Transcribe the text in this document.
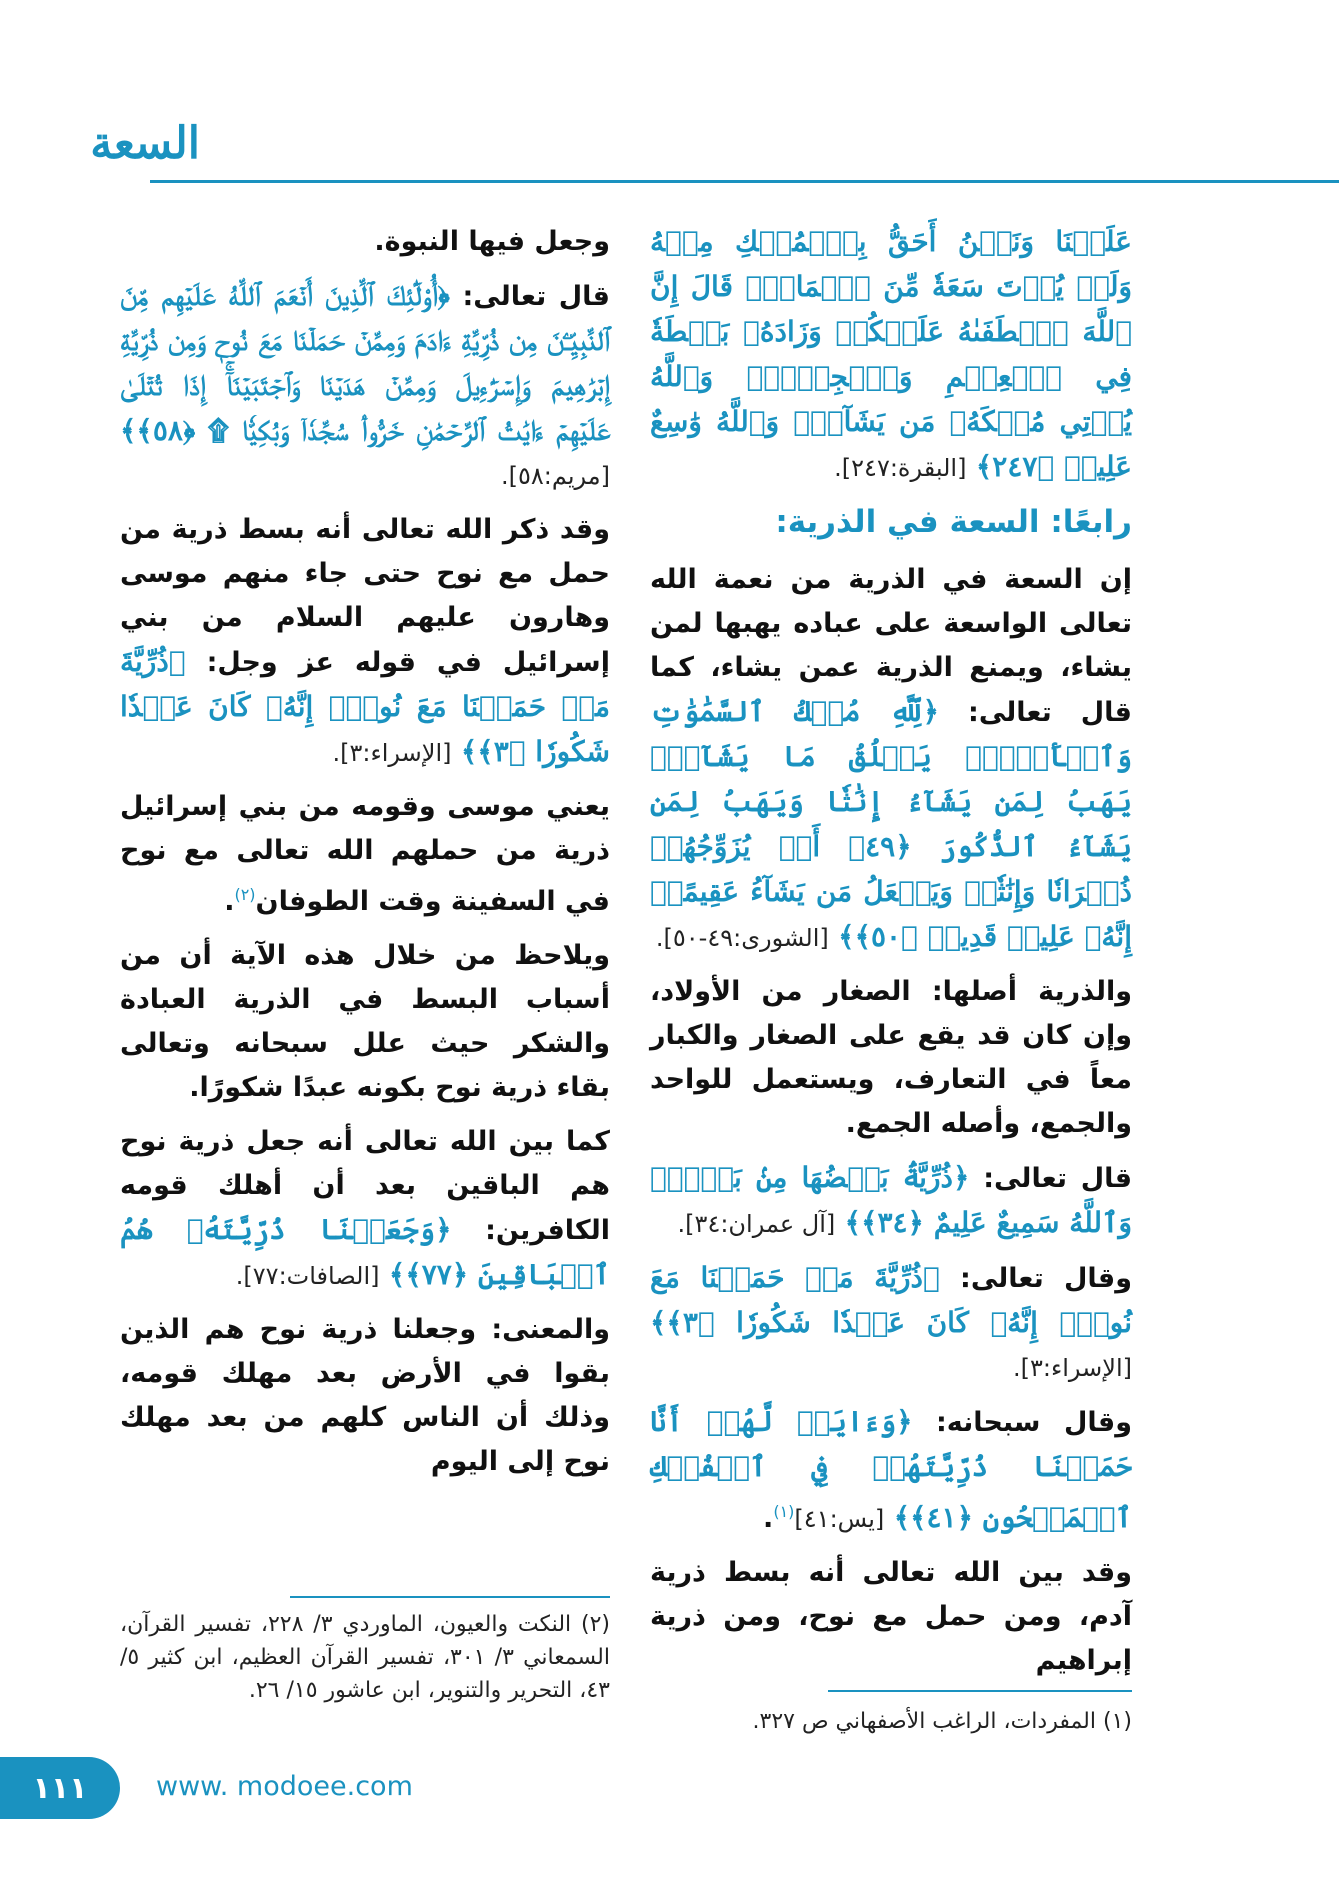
السعة

عَلَيۡنَا وَنَحۡنُ أَحَقُّ بِٱلۡمُلۡكِ مِنۡهُ وَلَمۡ يُؤۡتَ سَعَةٗ مِّنَ ٱلۡمَالِۚ قَالَ إِنَّ ٱللَّهَ ٱصۡطَفَىٰهُ عَلَيۡكُمۡ وَزَادَهُۥ بَسۡطَةٗ فِي ٱلۡعِلۡمِ وَٱلۡجِسۡمِۖ وَٱللَّهُ يُؤۡتِي مُلۡكَهُۥ مَن يَشَآءُۚ وَٱللَّهُ وَٰسِعٌ عَلِيمٞ ﴿٢٤٧﴾ [البقرة:٢٤٧].

رابعًا: السعة في الذرية:

إن السعة في الذرية من نعمة الله تعالى الواسعة على عباده يهبها لمن يشاء، ويمنع الذرية عمن يشاء، كما قال تعالى: ﴿لِّلَّهِ مُلۡكُ ٱلسَّمَٰوَٰتِ وَٱلۡأَرۡضِۚ يَخۡلُقُ مَا يَشَآءُۚ يَهَبُ لِمَن يَشَآءُ إِنَٰثٗا وَيَهَبُ لِمَن يَشَآءُ ٱلذُّكُورَ ﴿٤٩﴾ أَوۡ يُزَوِّجُهُمۡ ذُكۡرَانٗا وَإِنَٰثٗاۖ وَيَجۡعَلُ مَن يَشَآءُ عَقِيمًاۚ إِنَّهُۥ عَلِيمٞ قَدِيرٞ ﴿٥٠﴾﴾ [الشورى:٤٩-٥٠].

والذرية أصلها: الصغار من الأولاد، وإن كان قد يقع على الصغار والكبار معاً في التعارف، ويستعمل للواحد والجمع، وأصله الجمع.

قال تعالى: ﴿ذُرِّيَّةَۢ بَعۡضُهَا مِنۢ بَعۡضٖۗ وَٱللَّهُ سَمِيعٌ عَلِيمٌ ﴿٣٤﴾﴾ [آل عمران:٣٤].

وقال تعالى: ﴿ذُرِّيَّةَ مَنۡ حَمَلۡنَا مَعَ نُوحٍۚ إِنَّهُۥ كَانَ عَبۡدٗا شَكُورٗا ﴿٣﴾﴾ [الإسراء:٣].

وقال سبحانه: ﴿وَءَايَةٞ لَّهُمۡ أَنَّا حَمَلۡنَا ذُرِّيَّتَهُمۡ فِي ٱلۡفُلۡكِ ٱلۡمَشۡحُونِ ﴿٤١﴾﴾ [يس:٤١]$^{(١)}$.

وقد بين الله تعالى أنه بسط ذرية آدم، ومن حمل مع نوح، ومن ذرية إبراهيم

وجعل فيها النبوة.

قال تعالى: ﴿أُوْلَٰٓئِكَ ٱلَّذِينَ أَنۡعَمَ ٱللَّهُ عَلَيۡهِم مِّنَ ٱلنَّبِيِّـۧنَ مِن ذُرِّيَّةِ ءَادَمَ وَمِمَّنۡ حَمَلۡنَا مَعَ نُوحٖ وَمِن ذُرِّيَّةِ إِبۡرَٰهِيمَ وَإِسۡرَٰٓءِيلَ وَمِمَّنۡ هَدَيۡنَا وَٱجۡتَبَيۡنَآۚ إِذَا تُتۡلَىٰ عَلَيۡهِمۡ ءَايَٰتُ ٱلرَّحۡمَٰنِ خَرُّواْۤ سُجَّدٗاۤ وَبُكِيّٗا ۩ ﴿٥٨﴾﴾ [مريم:٥٨].

وقد ذكر الله تعالى أنه بسط ذرية من حمل مع نوح حتى جاء منهم موسى وهارون عليهم السلام من بني إسرائيل في قوله عز وجل: ﴿ذُرِّيَّةَ مَنۡ حَمَلۡنَا مَعَ نُوحٍۚ إِنَّهُۥ كَانَ عَبۡدٗا شَكُورٗا ﴿٣﴾﴾ [الإسراء:٣].

يعني موسى وقومه من بني إسرائيل ذرية من حملهم الله تعالى مع نوح في السفينة وقت الطوفان$^{(٢)}$.

ويلاحظ من خلال هذه الآية أن من أسباب البسط في الذرية العبادة والشكر حيث علل سبحانه وتعالى بقاء ذرية نوح بكونه عبدًا شكورًا.

كما بين الله تعالى أنه جعل ذرية نوح هم الباقين بعد أن أهلك قومه الكافرين: ﴿وَجَعَلۡنَا ذُرِّيَّتَهُۥ هُمُ ٱلۡبَاقِينَ ﴿٧٧﴾﴾ [الصافات:٧٧].

والمعنى: وجعلنا ذرية نوح هم الذين بقوا في الأرض بعد مهلك قومه، وذلك أن الناس كلهم من بعد مهلك نوح إلى اليوم

(٢) النكت والعيون، الماوردي ٣/ ٢٢٨، تفسير القرآن، السمعاني ٣/ ٣٠١، تفسير القرآن العظيم، ابن كثير ٥/ ٤٣، التحرير والتنوير، ابن عاشور ١٥/ ٢٦.
(١) المفردات، الراغب الأصفهاني ص ٣٢٧.
١١١	www. modoee.com
